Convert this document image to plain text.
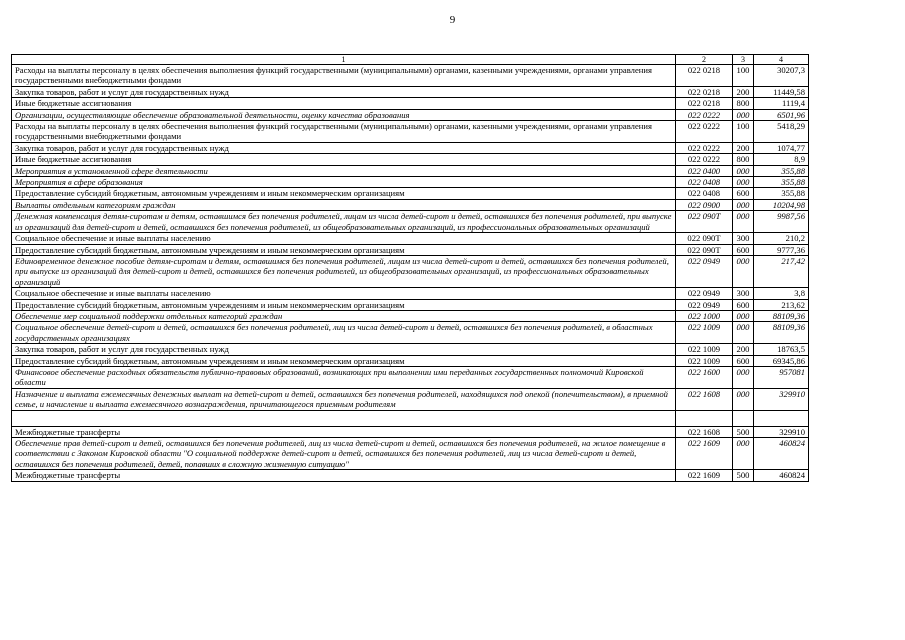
9
1	2	3	4
Расходы на выплаты персоналу в целях обеспечения выполнения функций государственными (муниципальными) органами, казенными учреждениями, органами управления государственными внебюджетными фондами	022 0218	100	30207,3
Закупка товаров, работ и услуг для государственных нужд	022 0218	200	11449,58
Иные бюджетные ассигнования	022 0218	800	1119,4
Организации, осуществляющие обеспечение образовательной деятельности, оценку качества образования	022 0222	000	6501,96
Расходы на выплаты персоналу в целях обеспечения выполнения функций государственными (муниципальными) органами, казенными учреждениями, органами управления государственными внебюджетными фондами	022 0222	100	5418,29
Закупка товаров, работ и услуг для государственных нужд	022 0222	200	1074,77
Иные бюджетные ассигнования	022 0222	800	8,9
Мероприятия в установленной сфере деятельности	022 0400	000	355,88
Мероприятия в сфере образования	022 0408	000	355,88
Предоставление субсидий бюджетным, автономным учреждениям и иным некоммерческим организациям	022 0408	600	355,88
Выплаты отдельным категориям граждан	022 0900	000	10204,98
Денежная компенсация детям-сиротам и детям, оставшимся без попечения родителей, лицам из числа детей-сирот и детей, оставшихся без попечения родителей, при выпуске из организаций для детей-сирот и детей, оставшихся без попечения родителей, из общеобразовательных организаций, из профессиональных образовательных организаций	022 090Т	000	9987,56
Социальное обеспечение и иные выплаты населению	022 090Т	300	210,2
Предоставление субсидий бюджетным, автономным учреждениям и иным некоммерческим организациям	022 090Т	600	9777,36
Единовременное денежное пособие детям-сиротам и детям, оставшимся без попечения родителей, лицам из числа детей-сирот и детей, оставшихся без попечения родителей, при выпуске из организаций для детей-сирот и детей, оставшихся без попечения родителей, из общеобразовательных организаций, из профессиональных образовательных организаций	022 0949	000	217,42
Социальное обеспечение и иные выплаты населению	022 0949	300	3,8
Предоставление субсидий бюджетным, автономным учреждениям и иным некоммерческим организациям	022 0949	600	213,62
Обеспечение мер социальной поддержки отдельных категорий граждан	022 1000	000	88109,36
Социальное обеспечение детей-сирот и детей, оставшихся без попечения родителей, лиц из числа детей-сирот и детей, оставшихся без попечения родителей, в областных государственных организациях	022 1009	000	88109,36
Закупка товаров, работ и услуг для государственных нужд	022 1009	200	18763,5
Предоставление субсидий бюджетным, автономным учреждениям и иным некоммерческим организациям	022 1009	600	69345,86
Финансовое обеспечение расходных обязательств публично-правовых образований, возникающих при выполнении ими переданных государственных полномочий Кировской области	022 1600	000	957081
Назначение и выплата ежемесячных денежных выплат на детей-сирот и детей, оставшихся без попечения родителей, находящихся под опекой (попечительством), в приемной семье, и начисление и выплата ежемесячного вознаграждения, причитающегося приемным родителям	022 1608	000	329910

Межбюджетные трансферты	022 1608	500	329910
Обеспечение прав детей-сирот и детей, оставшихся без попечения родителей, лиц из числа детей-сирот и детей, оставшихся без попечения родителей, на жилое помещение в соответствии с Законом Кировской области "О социальной поддержке детей-сирот и детей, оставшихся без попечения родителей, лиц из числа детей-сирот и детей, оставшихся без попечения родителей, детей, попавших в сложную жизненную ситуацию"	022 1609	000	460824
Межбюджетные трансферты	022 1609	500	460824
